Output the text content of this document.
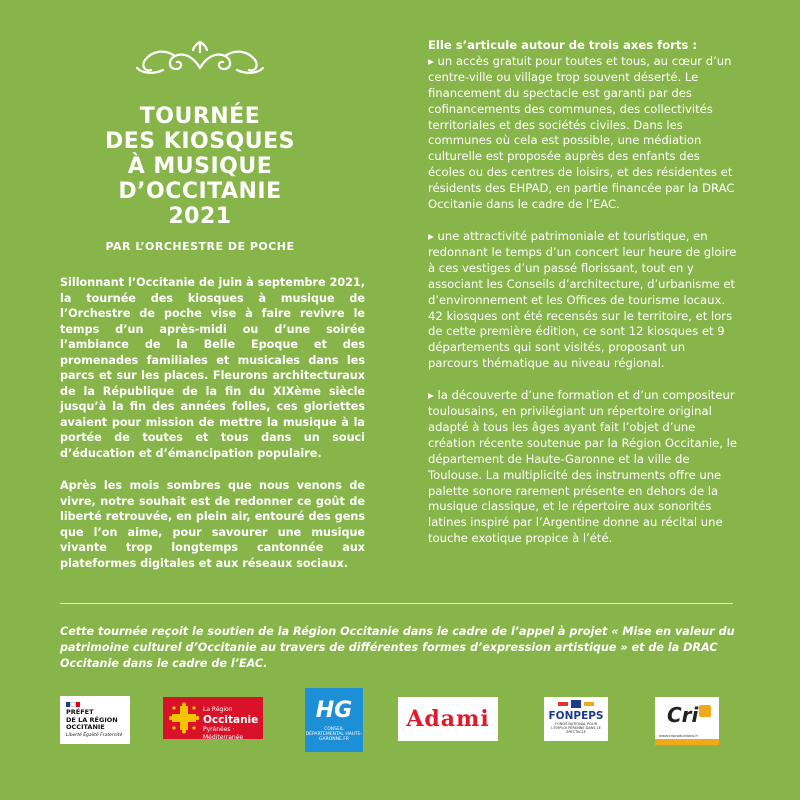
TOURNÉE
DES KIOSQUES
À MUSIQUE
D’OCCITANIE
2021
PAR L’ORCHESTRE DE POCHE

Sillonnant l’Occitanie de juin à septembre 2021, la tournée des kiosques à musique de l’Orchestre de poche vise à faire revivre le temps d’un après-midi ou d’une soirée l’ambiance de la Belle Epoque et des promenades familiales et musicales dans les parcs et sur les places. Fleurons architecturaux de la République de la fin du XIXème siècle jusqu’à la fin des années folles, ces gloriettes avaient pour mission de mettre la musique à la portée de toutes et tous dans un souci d’éducation et d’émancipation populaire.

Après les mois sombres que nous venons de vivre, notre souhait est de redonner ce goût de liberté retrouvée, en plein air, entouré des gens que l’on aime, pour savourer une musique vivante trop longtemps cantonnée aux plateformes digitales et aux réseaux sociaux.

Elle s’articule autour de trois axes forts :

▸ un accès gratuit pour toutes et tous, au cœur d’un centre-ville ou village trop souvent déserté. Le financement du spectacle est garanti par des cofinancements des communes, des collectivités territoriales et des sociétés civiles. Dans les communes où cela est possible, une médiation culturelle est proposée auprès des enfants des écoles ou des centres de loisirs, et des résidentes et résidents des EHPAD, en partie financée par la DRAC Occitanie dans le cadre de l’EAC.

▸ une attractivité patrimoniale et touristique, en redonnant le temps d’un concert leur heure de gloire à ces vestiges d’un passé florissant, tout en y associant les Conseils d’architecture, d’urbanisme et d’environnement et les Offices de tourisme locaux. 42 kiosques ont été recensés sur le territoire, et lors de cette première édition, ce sont 12 kiosques et 9 départements qui sont visités, proposant un parcours thématique au niveau régional.

▸ la découverte d’une formation et d’un compositeur toulousains, en privilégiant un répertoire original adapté à tous les âges ayant fait l’objet d’une création récente soutenue par la Région Occitanie, le département de Haute-Garonne et la ville de Toulouse. La multiplicité des instruments offre une palette sonore rarement présente en dehors de la musique classique, et le répertoire aux sonorités latines inspiré par l’Argentine donne au récital une touche exotique propice à l’été.

Cette tournée reçoit le soutien de la Région Occitanie dans le cadre de l’appel à projet « Mise en valeur du patrimoine culturel d’Occitanie au travers de différentes formes d’expression artistique » et de la DRAC Occitanie dans le cadre de l’EAC.
PRÉFET
DE LA RÉGION
OCCITANIE
Liberté Égalité Fraternité
La Région
Occitanie
Pyrénées · Méditerranée
HG
CONSEIL DÉPARTEMENTAL HAUTE-GARONNE.FR
Adami	FONPEPS
FONDS NATIONAL POUR L’EMPLOI PÉRENNE DANS LE SPECTACLE
Cri
www.criproductions.fr
